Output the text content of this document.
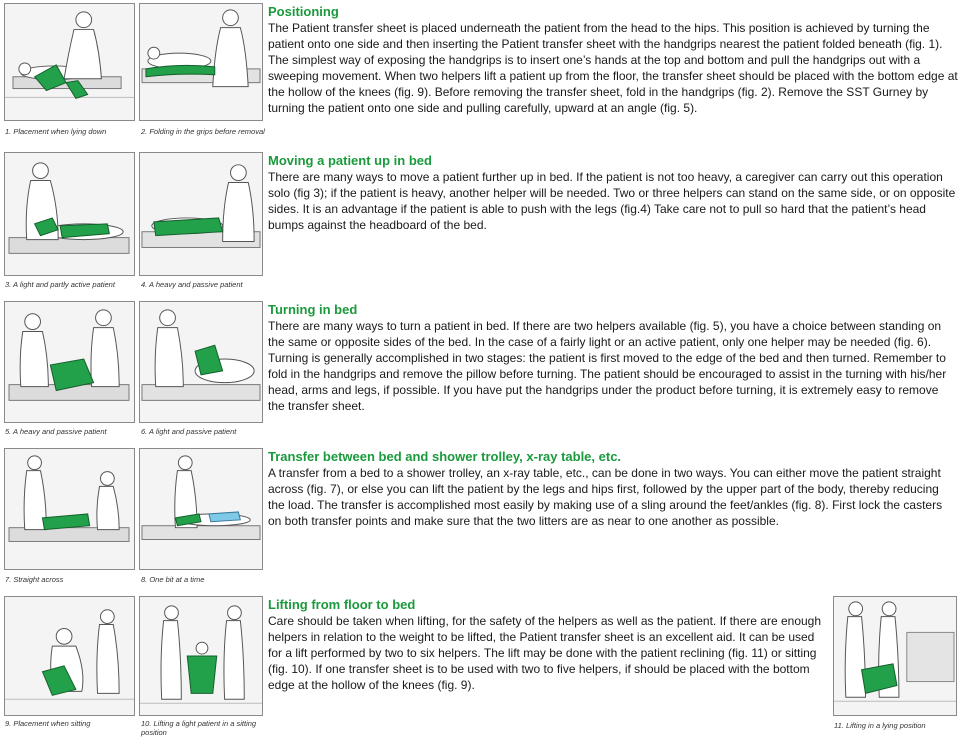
1. Placement when lying down	2. Folding in the grips before removal
Positioning

The Patient transfer sheet is placed underneath the patient from the head to the hips. This position is achieved by turning the patient onto one side and then inserting the Patient transfer sheet with the handgrips nearest the patient folded beneath (fig. 1). The simplest way of exposing the handgrips is to insert one’s hands at the top and bottom and pull the handgrips out with a sweeping movement. When two helpers lift a patient up from the floor, the transfer sheet should be placed with the bottom edge at the hollow of the knees (fig. 9). Before removing the transfer sheet, fold in the handgrips (fig. 2). Remove the SST Gurney by turning the patient onto one side and pulling carefully, upward at an angle (fig. 5).

3. A light and partly active patient	4. A heavy and passive patient
Moving a patient up in bed

There are many ways to move a patient further up in bed. If the patient is not too heavy, a caregiver can carry out this operation solo (fig 3); if the patient is heavy, another helper will be needed. Two or three helpers can stand on the same side, or on opposite sides. It is an advantage if the patient is able to push with the legs (fig.4) Take care not to pull so hard that the patient’s head bumps against the headboard of the bed.

5. A heavy and passive patient	6. A light and passive patient
Turning in bed

There are many ways to turn a patient in bed. If there are two helpers available (fig. 5), you have a choice between standing on the same or opposite sides of the bed. In the case of a fairly light or an active patient, only one helper may be needed (fig. 6). Turning is generally accomplished in two stages: the patient is first moved to the edge of the bed and then turned. Remember to fold in the handgrips and remove the pillow before turning. The patient should be encouraged to assist in the turning with his/her head, arms and legs, if possible. If you have put the handgrips under the product before turning, it is extremely easy to remove the transfer sheet.

7. Straight across	8. One bit at a time
Transfer between bed and shower trolley, x-ray table, etc.

A transfer from a bed to a shower trolley, an x-ray table, etc., can be done in two ways. You can either move the patient straight across (fig. 7), or else you can lift the patient by the legs and hips first, followed by the upper part of the body, thereby reducing the load. The transfer is accomplished most easily by making use of a sling around the feet/ankles (fig. 8). First lock the casters on both transfer points and make sure that the two litters are as near to one another as possible.

9. Placement when sitting	10. Lifting a light patient in a sitting position
11. Lifting in a lying position
Lifting from floor to bed

Care should be taken when lifting, for the safety of the helpers as well as the patient. If there are enough helpers in relation to the weight to be lifted, the Patient transfer sheet is an excellent aid. It can be used for a lift performed by two to six helpers. The lift may be done with the patient reclining (fig. 11) or sitting (fig. 10). If one transfer sheet is to be used with two to five helpers, if should be placed with the bottom edge at the hollow of the knees (fig. 9).
